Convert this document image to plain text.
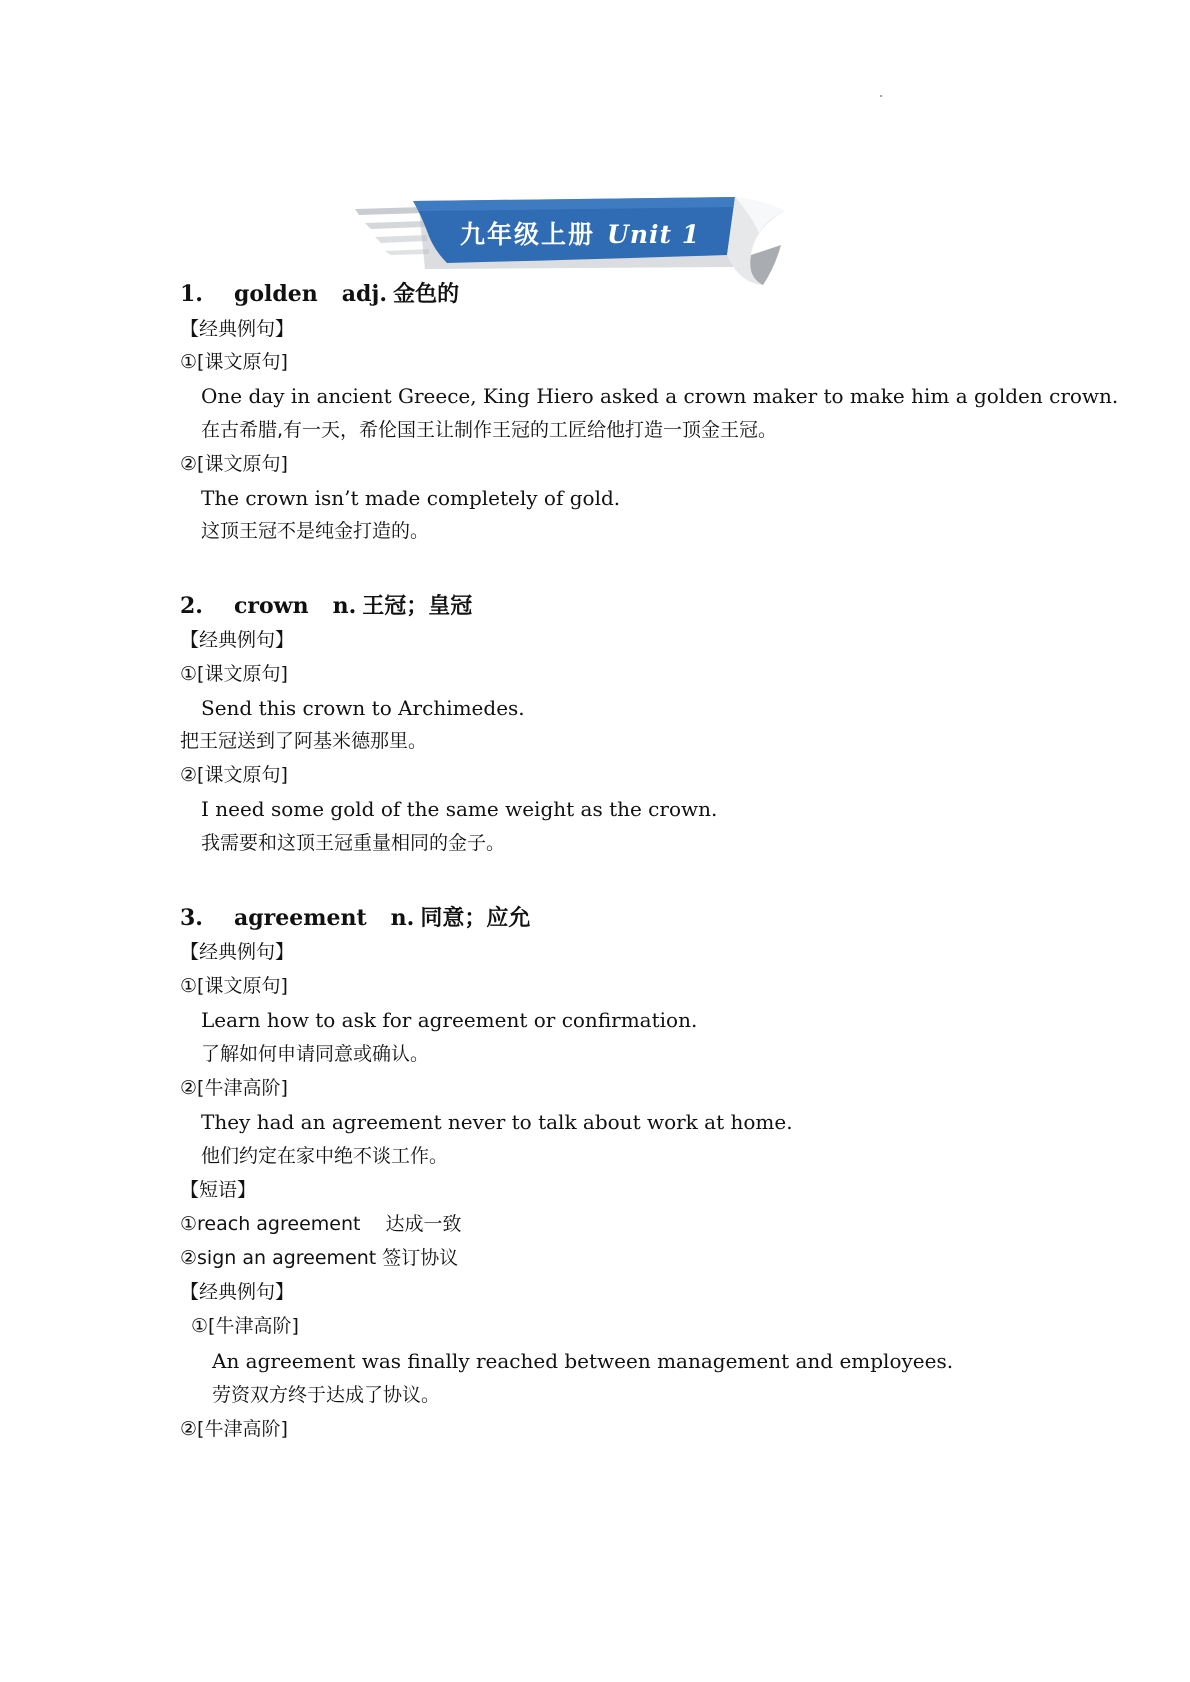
九年级上册 Unit 1
1. golden adj. 金色的
【经典例句】
①[课文原句]
One day in ancient Greece, King Hiero asked a crown maker to make him a golden crown.
在古希腊,有一天，希伦国王让制作王冠的工匠给他打造一顶金王冠。
②[课文原句]
The crown isn’t made completely of gold.
这顶王冠不是纯金打造的。
2. crown n. 王冠；皇冠
【经典例句】
①[课文原句]
Send this crown to Archimedes.
把王冠送到了阿基米德那里。
②[课文原句]
I need some gold of the same weight as the crown.
我需要和这顶王冠重量相同的金子。
3. agreement n. 同意；应允
【经典例句】
①[课文原句]
Learn how to ask for agreement or confirmation.
了解如何申请同意或确认。
②[牛津高阶]
They had an agreement never to talk about work at home.
他们约定在家中绝不谈工作。
【短语】
①reach agreement　 达成一致
②sign an agreement 签订协议
【经典例句】
①[牛津高阶]
An agreement was finally reached between management and employees.
劳资双方终于达成了协议。
②[牛津高阶]
